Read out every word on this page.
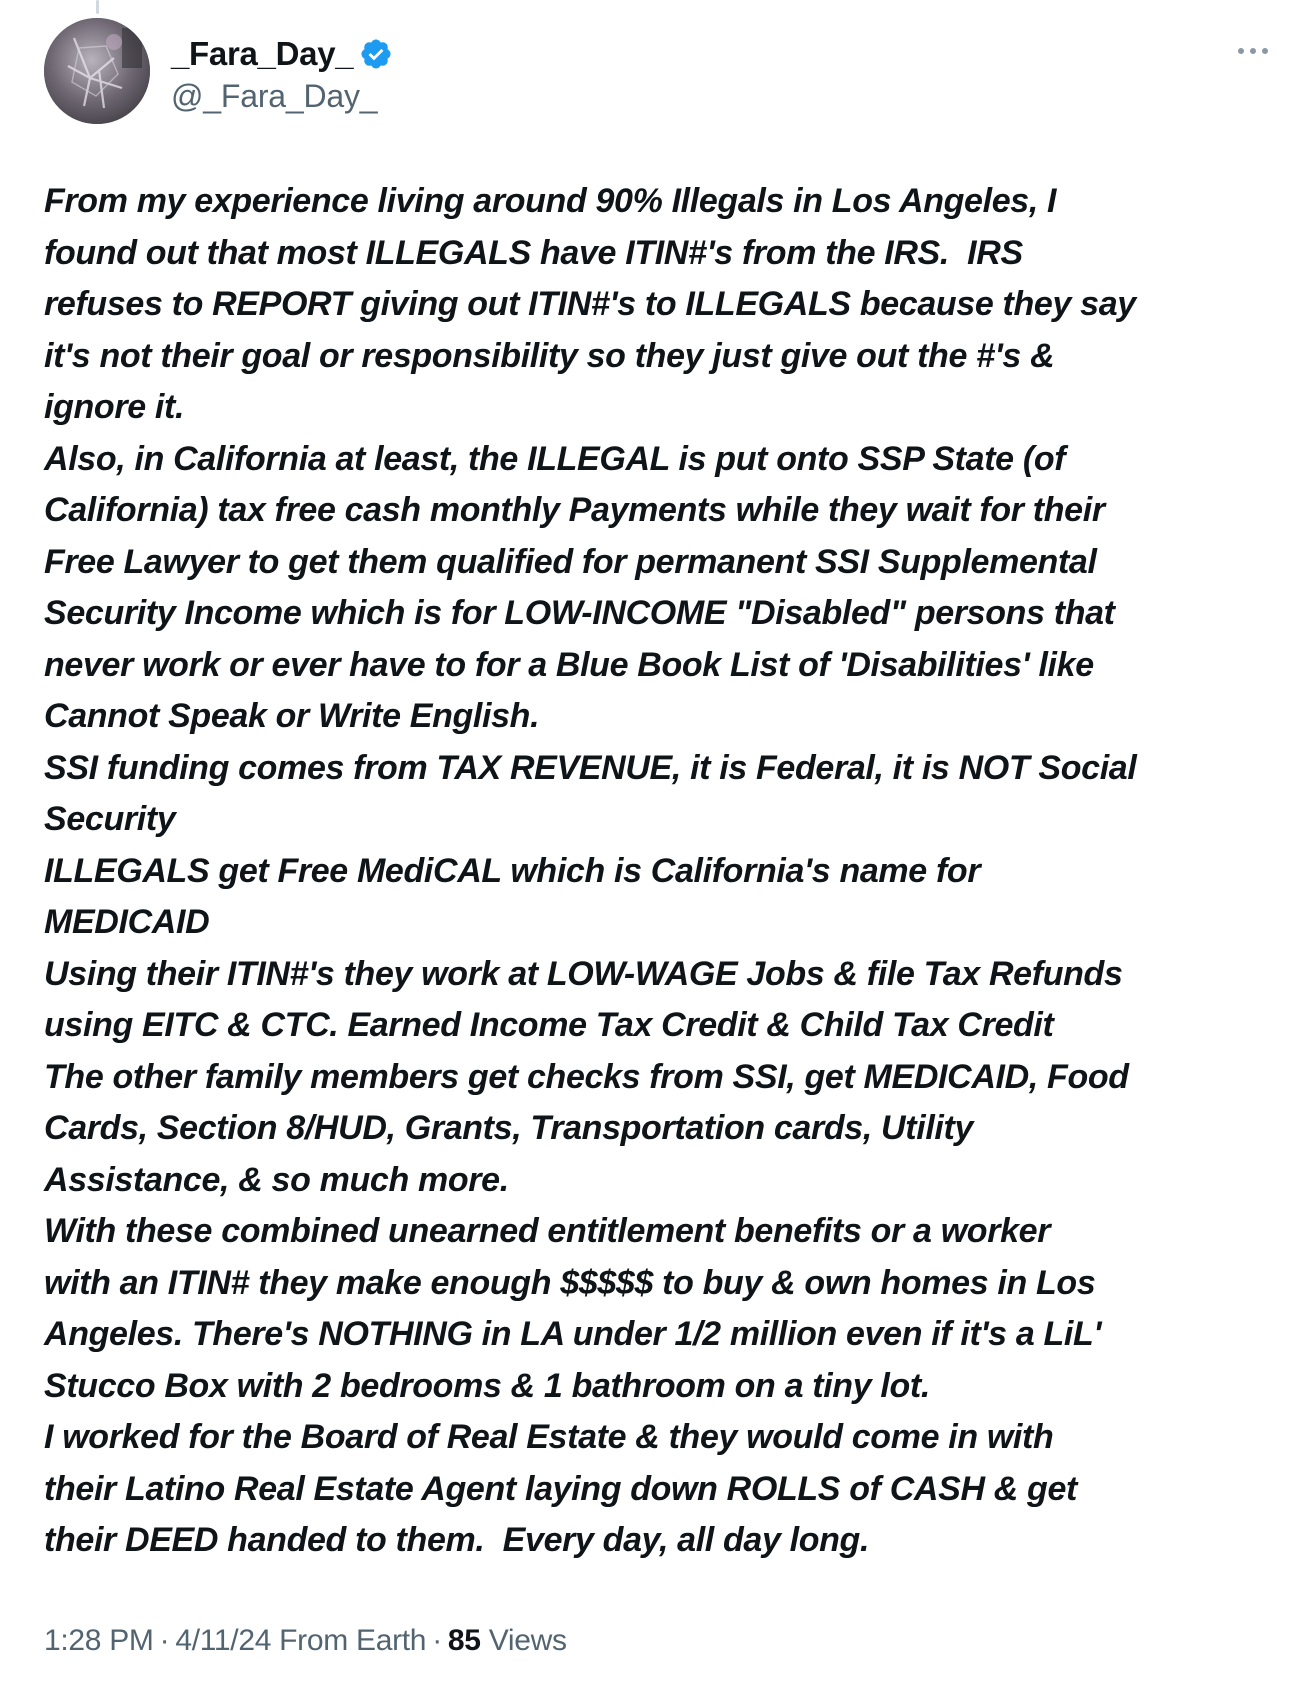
_Fara_Day_
@_Fara_Day_
From my experience living around 90% Illegals in Los Angeles, I
found out that most ILLEGALS have ITIN#'s from the IRS.  IRS
refuses to REPORT giving out ITIN#'s to ILLEGALS because they say
it's not their goal or responsibility so they just give out the #'s &
ignore it.
Also, in California at least, the ILLEGAL is put onto SSP State (of
California) tax free cash monthly Payments while they wait for their
Free Lawyer to get them qualified for permanent SSI Supplemental
Security Income which is for LOW-INCOME "Disabled" persons that
never work or ever have to for a Blue Book List of 'Disabilities' like
Cannot Speak or Write English.
SSI funding comes from TAX REVENUE, it is Federal, it is NOT Social
Security
ILLEGALS get Free MediCAL which is California's name for
MEDICAID
Using their ITIN#'s they work at LOW-WAGE Jobs & file Tax Refunds
using EITC & CTC. Earned Income Tax Credit & Child Tax Credit
The other family members get checks from SSI, get MEDICAID, Food
Cards, Section 8/HUD, Grants, Transportation cards, Utility
Assistance, & so much more.
With these combined unearned entitlement benefits or a worker
with an ITIN# they make enough $$$$$ to buy & own homes in Los
Angeles. There's NOTHING in LA under 1/2 million even if it's a LiL'
Stucco Box with 2 bedrooms & 1 bathroom on a tiny lot.
I worked for the Board of Real Estate & they would come in with
their Latino Real Estate Agent laying down ROLLS of CASH & get
their DEED handed to them.  Every day, all day long.
1:28 PM · 4/11/24 From Earth · 85 Views
